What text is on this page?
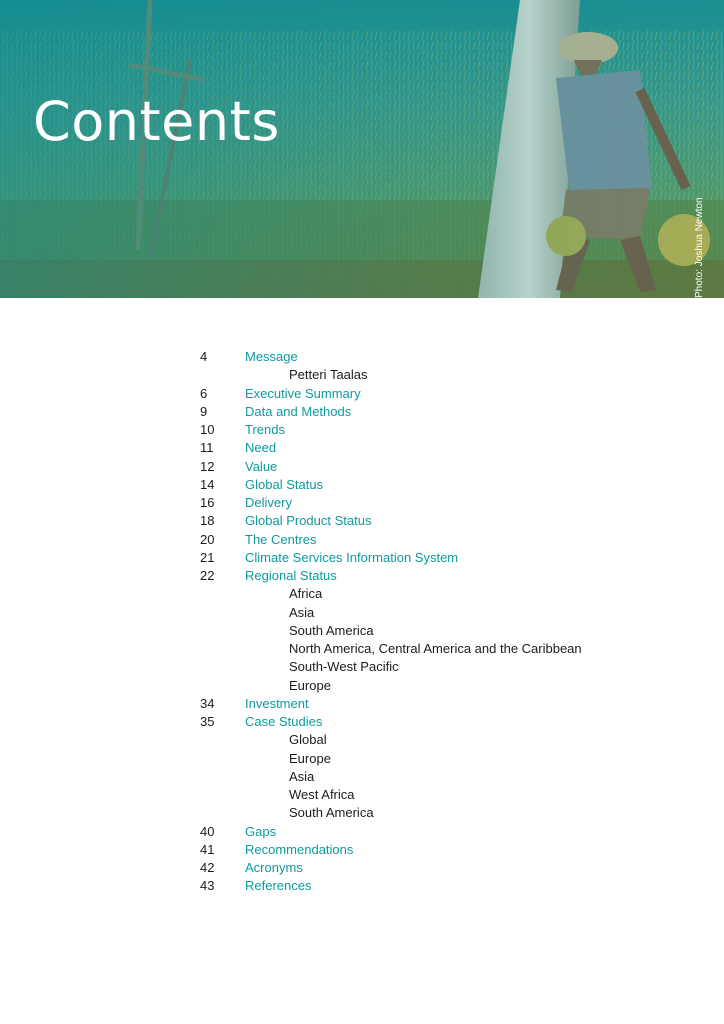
Contents
Photo: Joshua Newton
4	Message
Petteri Taalas
6	Executive Summary
9	Data and Methods
10	Trends
11	Need
12	Value
14	Global Status
16	Delivery
18	Global Product Status
20	The Centres
21	Climate Services Information System
22	Regional Status
Africa
Asia
South America
North America, Central America and the Caribbean
South-West Pacific
Europe
34	Investment
35	Case Studies
Global
Europe
Asia
West Africa
South America
40	Gaps
41	Recommendations
42	Acronyms
43	References
